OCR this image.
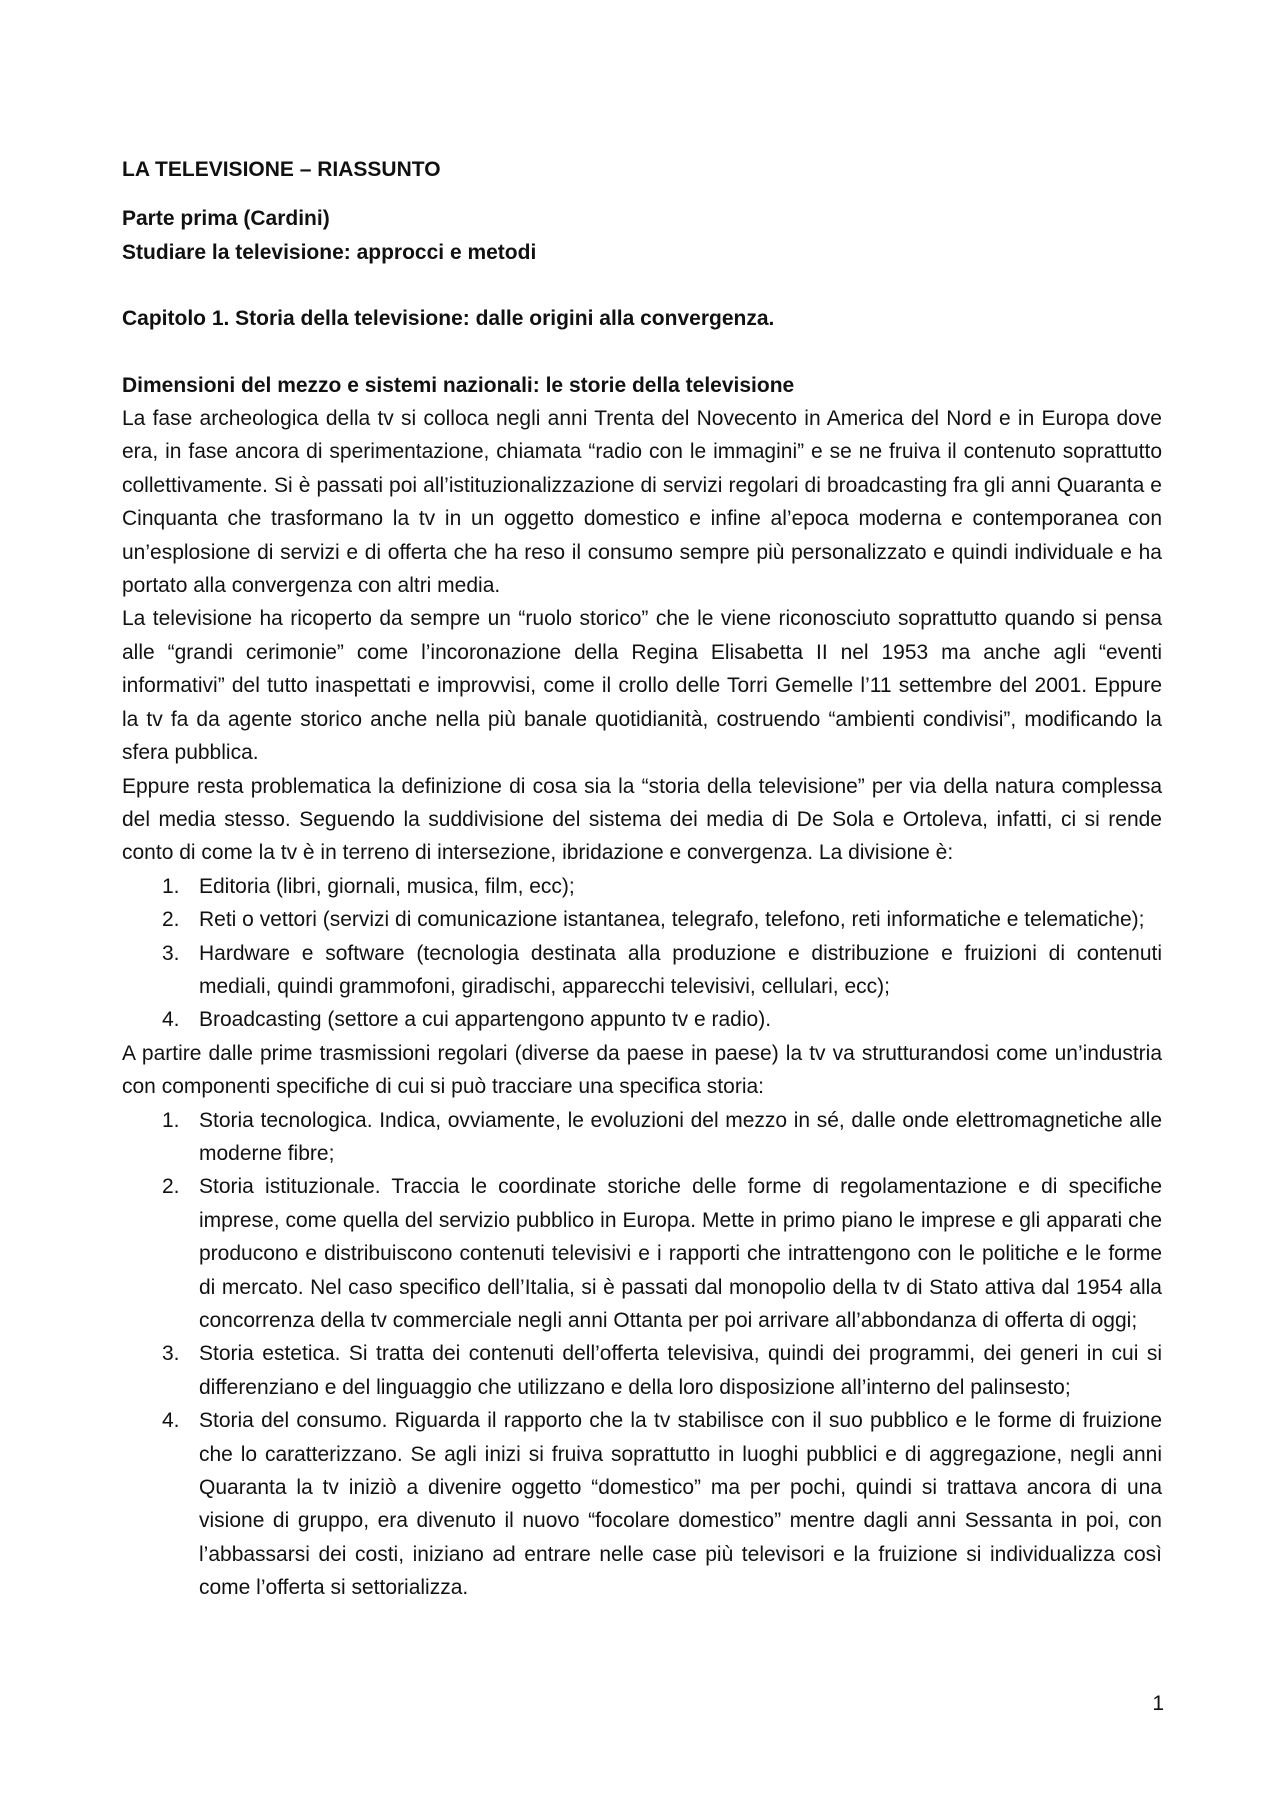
LA TELEVISIONE – RIASSUNTO

Parte prima (Cardini)

Studiare la televisione: approcci e metodi

Capitolo 1. Storia della televisione: dalle origini alla convergenza.

Dimensioni del mezzo e sistemi nazionali: le storie della televisione

La fase archeologica della tv si colloca negli anni Trenta del Novecento in America del Nord e in Europa dove era, in fase ancora di sperimentazione, chiamata “radio con le immagini” e se ne fruiva il contenuto soprattutto collettivamente. Si è passati poi all’istituzionalizzazione di servizi regolari di broadcasting fra gli anni Quaranta e Cinquanta che trasformano la tv in un oggetto domestico e infine al’epoca moderna e contemporanea con un’esplosione di servizi e di offerta che ha reso il consumo sempre più personalizzato e quindi individuale e ha portato alla convergenza con altri media.

La televisione ha ricoperto da sempre un “ruolo storico” che le viene riconosciuto soprattutto quando si pensa alle “grandi cerimonie” come l’incoronazione della Regina Elisabetta II nel 1953 ma anche agli “eventi informativi” del tutto inaspettati e improvvisi, come il crollo delle Torri Gemelle l’11 settembre del 2001. Eppure la tv fa da agente storico anche nella più banale quotidianità, costruendo “ambienti condivisi”, modificando la sfera pubblica.

Eppure resta problematica la definizione di cosa sia la “storia della televisione” per via della natura complessa del media stesso. Seguendo la suddivisione del sistema dei media di De Sola e Ortoleva, infatti, ci si rende conto di come la tv è in terreno di intersezione, ibridazione e convergenza. La divisione è:

1. Editoria (libri, giornali, musica, film, ecc);
2. Reti o vettori (servizi di comunicazione istantanea, telegrafo, telefono, reti informatiche e telematiche);
3. Hardware e software (tecnologia destinata alla produzione e distribuzione e fruizioni di contenuti mediali, quindi grammofoni, giradischi, apparecchi televisivi, cellulari, ecc);
4. Broadcasting (settore a cui appartengono appunto tv e radio).

A partire dalle prime trasmissioni regolari (diverse da paese in paese) la tv va strutturandosi come un’industria con componenti specifiche di cui si può tracciare una specifica storia:

1. Storia tecnologica. Indica, ovviamente, le evoluzioni del mezzo in sé, dalle onde elettromagnetiche alle moderne fibre;
2. Storia istituzionale. Traccia le coordinate storiche delle forme di regolamentazione e di specifiche imprese, come quella del servizio pubblico in Europa. Mette in primo piano le imprese e gli apparati che producono e distribuiscono contenuti televisivi e i rapporti che intrattengono con le politiche e le forme di mercato. Nel caso specifico dell’Italia, si è passati dal monopolio della tv di Stato attiva dal 1954 alla concorrenza della tv commerciale negli anni Ottanta per poi arrivare all’abbondanza di offerta di oggi;
3. Storia estetica. Si tratta dei contenuti dell’offerta televisiva, quindi dei programmi, dei generi in cui si differenziano e del linguaggio che utilizzano e della loro disposizione all’interno del palinsesto;
4. Storia del consumo. Riguarda il rapporto che la tv stabilisce con il suo pubblico e le forme di fruizione che lo caratterizzano. Se agli inizi si fruiva soprattutto in luoghi pubblici e di aggregazione, negli anni Quaranta la tv iniziò a divenire oggetto “domestico” ma per pochi, quindi si trattava ancora di una visione di gruppo, era divenuto il nuovo “focolare domestico” mentre dagli anni Sessanta in poi, con l’abbassarsi dei costi, iniziano ad entrare nelle case più televisori e la fruizione si individualizza così come l’offerta si settorializza.
1
